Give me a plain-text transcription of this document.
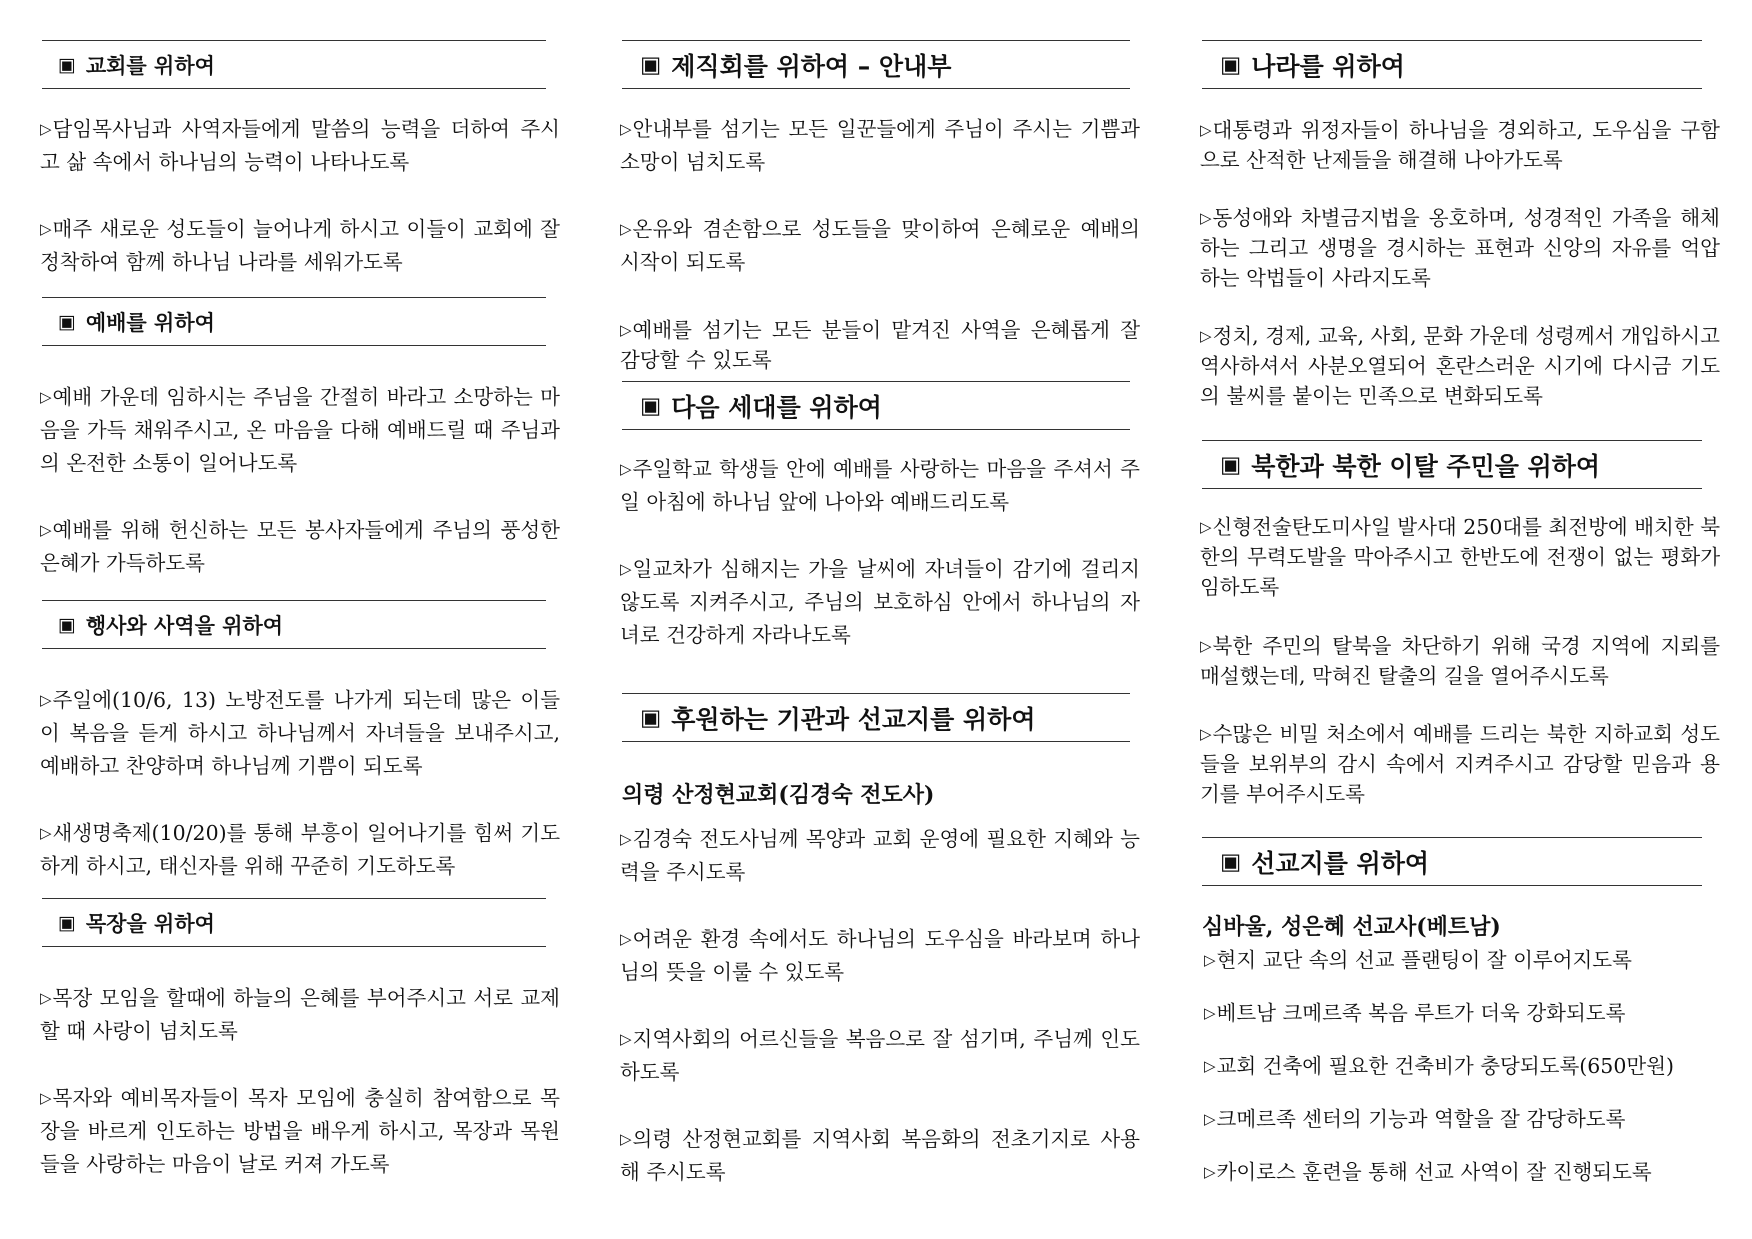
▣ 교회를 위하여

▷담임목사님과 사역자들에게 말씀의 능력을 더하여 주시고 삶 속에서 하나님의 능력이 나타나도록

▷매주 새로운 성도들이 늘어나게 하시고 이들이 교회에 잘 정착하여 함께 하나님 나라를 세워가도록

▣ 예배를 위하여

▷예배 가운데 임하시는 주님을 간절히 바라고 소망하는 마음을 가득 채워주시고, 온 마음을 다해 예배드릴 때 주님과의 온전한 소통이 일어나도록

▷예배를 위해 헌신하는 모든 봉사자들에게 주님의 풍성한 은혜가 가득하도록

▣ 행사와 사역을 위하여

▷주일에(10/6, 13) 노방전도를 나가게 되는데 많은 이들이 복음을 듣게 하시고 하나님께서 자녀들을 보내주시고, 예배하고 찬양하며 하나님께 기쁨이 되도록

▷새생명축제(10/20)를 통해 부흥이 일어나기를 힘써 기도하게 하시고, 태신자를 위해 꾸준히 기도하도록

▣ 목장을 위하여

▷목장 모임을 할때에 하늘의 은혜를 부어주시고 서로 교제할 때 사랑이 넘치도록

▷목자와 예비목자들이 목자 모임에 충실히 참여함으로 목장을 바르게 인도하는 방법을 배우게 하시고, 목장과 목원들을 사랑하는 마음이 날로 커져 가도록

▣ 제직회를 위하여 – 안내부

▷안내부를 섬기는 모든 일꾼들에게 주님이 주시는 기쁨과 소망이 넘치도록

▷온유와 겸손함으로 성도들을 맞이하여 은혜로운 예배의 시작이 되도록

▷예배를 섬기는 모든 분들이 맡겨진 사역을 은혜롭게 잘 감당할 수 있도록

▣ 다음 세대를 위하여

▷주일학교 학생들 안에 예배를 사랑하는 마음을 주셔서 주일 아침에 하나님 앞에 나아와 예배드리도록

▷일교차가 심해지는 가을 날씨에 자녀들이 감기에 걸리지 않도록 지켜주시고, 주님의 보호하심 안에서 하나님의 자녀로 건강하게 자라나도록

▣ 후원하는 기관과 선교지를 위하여
의령 산정현교회(김경숙 전도사)

▷김경숙 전도사님께 목양과 교회 운영에 필요한 지혜와 능력을 주시도록

▷어려운 환경 속에서도 하나님의 도우심을 바라보며 하나님의 뜻을 이룰 수 있도록

▷지역사회의 어르신들을 복음으로 잘 섬기며, 주님께 인도하도록

▷의령 산정현교회를 지역사회 복음화의 전초기지로 사용해 주시도록

▣ 나라를 위하여

▷대통령과 위정자들이 하나님을 경외하고, 도우심을 구함으로 산적한 난제들을 해결해 나아가도록

▷동성애와 차별금지법을 옹호하며, 성경적인 가족을 해체하는 그리고 생명을 경시하는 표현과 신앙의 자유를 억압하는 악법들이 사라지도록

▷정치, 경제, 교육, 사회, 문화 가운데 성령께서 개입하시고 역사하셔서 사분오열되어 혼란스러운 시기에 다시금 기도의 불씨를 붙이는 민족으로 변화되도록

▣ 북한과 북한 이탈 주민을 위하여

▷신형전술탄도미사일 발사대 250대를 최전방에 배치한 북한의 무력도발을 막아주시고 한반도에 전쟁이 없는 평화가 임하도록

▷북한 주민의 탈북을 차단하기 위해 국경 지역에 지뢰를 매설했는데, 막혀진 탈출의 길을 열어주시도록

▷수많은 비밀 처소에서 예배를 드리는 북한 지하교회 성도들을 보위부의 감시 속에서 지켜주시고 감당할 믿음과 용기를 부어주시도록

▣ 선교지를 위하여
심바울, 성은혜 선교사(베트남)

▷현지 교단 속의 선교 플랜팅이 잘 이루어지도록

▷베트남 크메르족 복음 루트가 더욱 강화되도록

▷교회 건축에 필요한 건축비가 충당되도록(650만원)

▷크메르족 센터의 기능과 역할을 잘 감당하도록

▷카이로스 훈련을 통해 선교 사역이 잘 진행되도록
